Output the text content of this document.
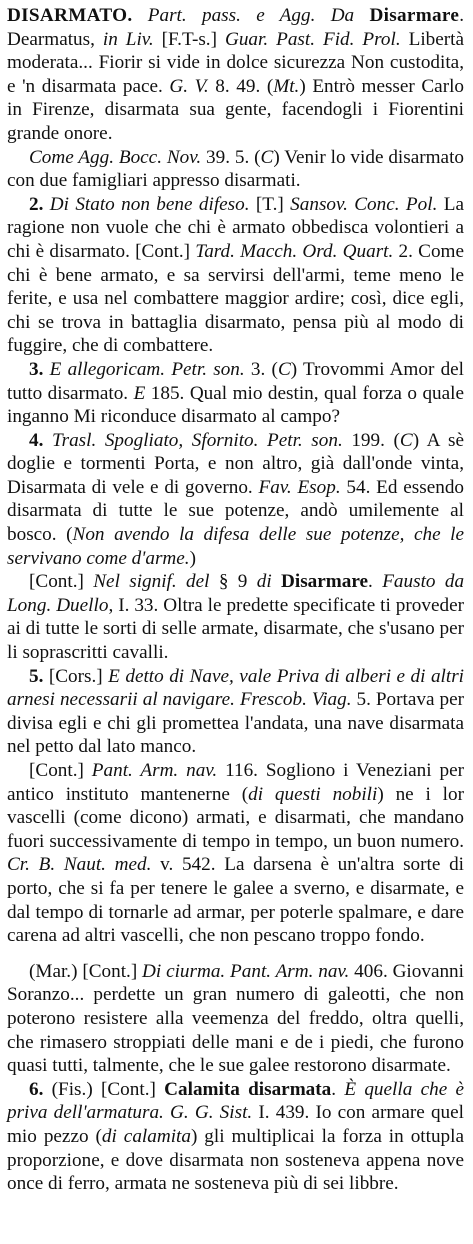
DISARMATO. Part. pass. e Agg. Da Disarmare. Dearmatus, in Liv. [F.T-s.] Guar. Past. Fid. Prol. Libertà moderata... Fiorir si vide in dolce sicurezza Non custodita, e 'n disarmata pace. G. V. 8. 49. (Mt.) Entrò messer Carlo in Firenze, disarmata sua gente, facendogli i Fiorentini grande onore.

Come Agg. Bocc. Nov. 39. 5. (C) Venir lo vide disarmato con due famigliari appresso disarmati.

2. Di Stato non bene difeso. [T.] Sansov. Conc. Pol. La ragione non vuole che chi è armato obbedisca volontieri a chi è disarmato. [Cont.] Tard. Macch. Ord. Quart. 2. Come chi è bene armato, e sa servirsi dell'armi, teme meno le ferite, e usa nel combattere maggior ardire; così, dice egli, chi se trova in battaglia disarmato, pensa più al modo di fuggire, che di combattere.

3. E allegoricam. Petr. son. 3. (C) Trovommi Amor del tutto disarmato. E 185. Qual mio destin, qual forza o quale inganno Mi riconduce disarmato al campo?

4. Trasl. Spogliato, Sfornito. Petr. son. 199. (C) A sè doglie e tormenti Porta, e non altro, già dall'onde vinta, Disarmata di vele e di governo. Fav. Esop. 54. Ed essendo disarmata di tutte le sue potenze, andò umilemente al bosco. (Non avendo la difesa delle sue potenze, che le servivano come d'arme.)

[Cont.] Nel signif. del § 9 di Disarmare. Fausto da Long. Duello, I. 33. Oltra le predette specificate ti proveder ai di tutte le sorti di selle armate, disarmate, che s'usano per li soprascritti cavalli.

5. [Cors.] E detto di Nave, vale Priva di alberi e di altri arnesi necessarii al navigare. Frescob. Viag. 5. Portava per divisa egli e chi gli promettea l'andata, una nave disarmata nel petto dal lato manco.

[Cont.] Pant. Arm. nav. 116. Sogliono i Veneziani per antico instituto mantenerne (di questi nobili) ne i lor vascelli (come dicono) armati, e disarmati, che mandano fuori successivamente di tempo in tempo, un buon numero. Cr. B. Naut. med. v. 542. La darsena è un'altra sorte di porto, che si fa per tenere le galee a sverno, e disarmate, e dal tempo di tornarle ad armar, per poterle spalmare, e dare carena ad altri vascelli, che non pescano troppo fondo.

(Mar.) [Cont.] Di ciurma. Pant. Arm. nav. 406. Giovanni Soranzo... perdette un gran numero di galeotti, che non poterono resistere alla veemenza del freddo, oltra quelli, che rimasero stroppiati delle mani e de i piedi, che furono quasi tutti, talmente, che le sue galee restorono disarmate.

6. (Fis.) [Cont.] Calamita disarmata. È quella che è priva dell'armatura. G. G. Sist. I. 439. Io con armare quel mio pezzo (di calamita) gli multiplicai la forza in ottupla proporzione, e dove disarmata non sosteneva appena nove once di ferro, armata ne sosteneva più di sei libbre.
